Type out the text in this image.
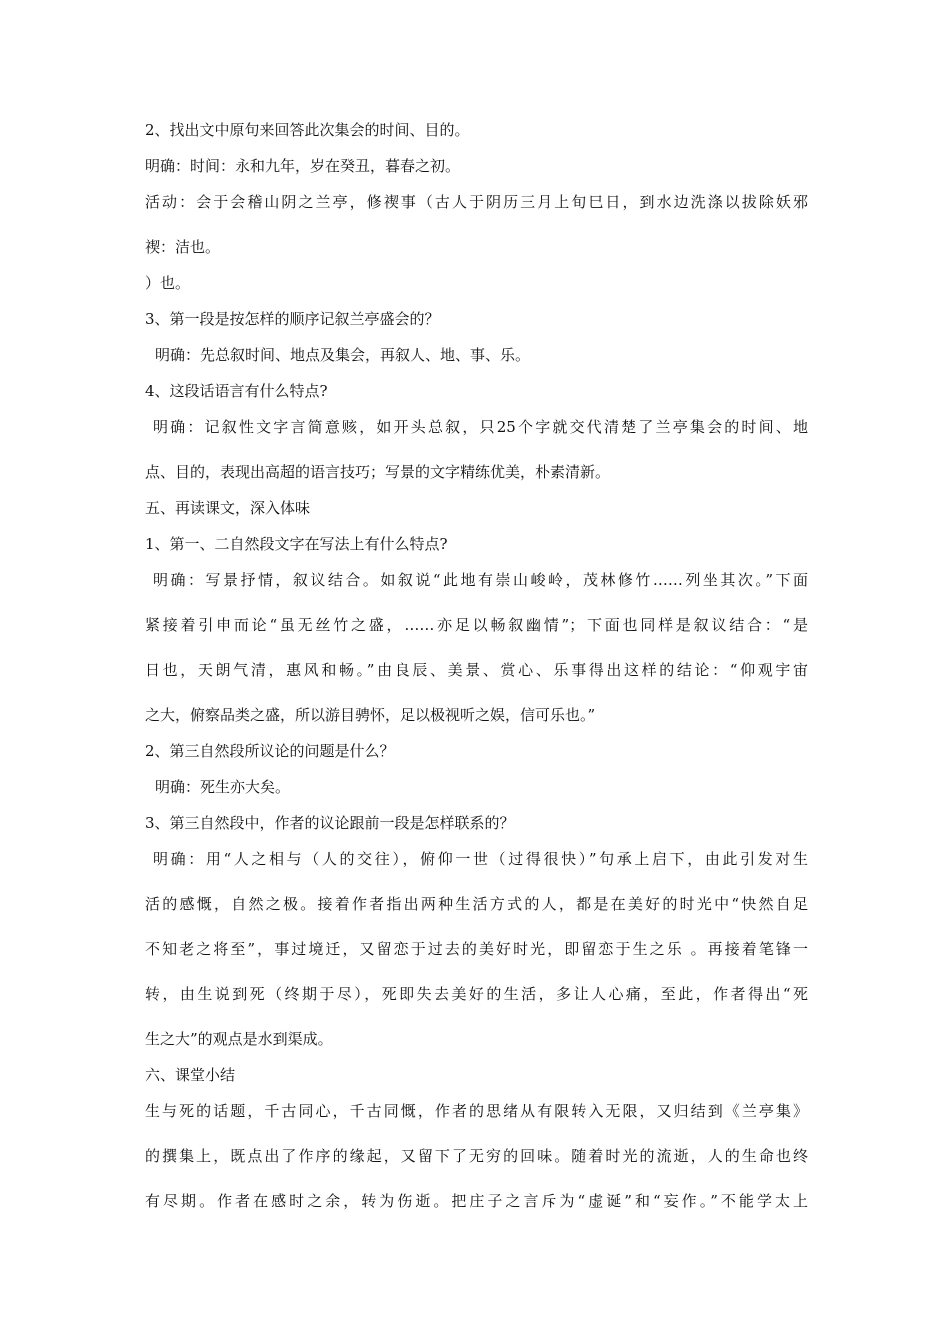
2、找出文中原句来回答此次集会的时间、目的。
明确：时间：永和九年，岁在癸丑，暮春之初。
活动：会于会稽山阴之兰亭，修禊事（古人于阴历三月上旬巳日，到水边洗涤以拔除妖邪
禊：洁也。
）也。
3、第一段是按怎样的顺序记叙兰亭盛会的？
明确：先总叙时间、地点及集会，再叙人、地、事、乐。
4、这段话语言有什么特点?
明确：记叙性文字言简意赅，如开头总叙，只25个字就交代清楚了兰亭集会的时间、地
点、目的，表现出高超的语言技巧；写景的文字精练优美，朴素清新。
五、再读课文，深入体味
1、第一、二自然段文字在写法上有什么特点?
明确：写景抒情，叙议结合。如叙说“此地有崇山峻岭，茂林修竹……列坐其次。”下面
紧接着引申而论“虽无丝竹之盛，……亦足以畅叙幽情”；下面也同样是叙议结合：“是
日也，天朗气清，惠风和畅。”由良辰、美景、赏心、乐事得出这样的结论：“仰观宇宙
之大，俯察品类之盛，所以游目骋怀，足以极视听之娱，信可乐也。”
2、第三自然段所议论的问题是什么？
明确：死生亦大矣。
3、第三自然段中，作者的议论跟前一段是怎样联系的？
明确：用“人之相与（人的交往），俯仰一世（过得很快）”句承上启下，由此引发对生
活的感慨，自然之极。接着作者指出两种生活方式的人，都是在美好的时光中“快然自足
不知老之将至”，事过境迁，又留恋于过去的美好时光，即留恋于生之乐 。再接着笔锋一
转，由生说到死（终期于尽），死即失去美好的生活，多让人心痛，至此，作者得出“死
生之大”的观点是水到渠成。
六、课堂小结
生与死的话题，千古同心，千古同慨，作者的思绪从有限转入无限，又归结到《兰亭集》
的撰集上，既点出了作序的缘起，又留下了无穷的回味。随着时光的流逝，人的生命也终
有尽期。作者在感时之余，转为伤逝。把庄子之言斥为“虚诞”和“妄作。”不能学太上
